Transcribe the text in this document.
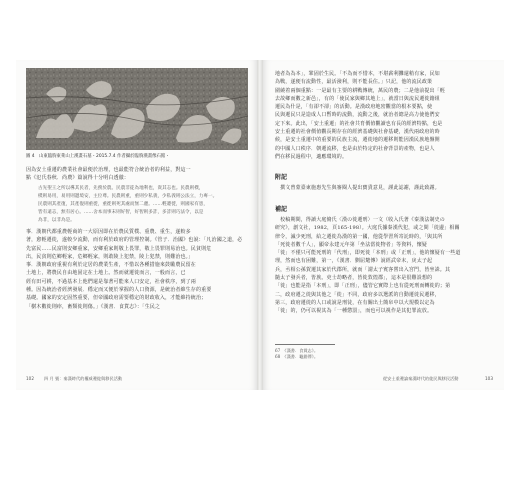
圖 4　山東臨朐東萊山上漢畫石墓・2015.7.4 作者攝於臨朐漢畫像石館・
因為安土重遷的農業社會最便於治理，也最能符合統治者的利益，對這一
點《氾氏春秋．尚農》篇說得十分明白透徹：
古先聖王之所以導其民者，先務於農。民農非徒為地利也，貴其志也。民農則樸，
樸則易用，易用則邊境安，主位尊。民農則重，重則少私義，少私義則公法立，力專一。
民農則其產復，其產復則重徙，重徙則死其處而無二慮。……輕遷徙，則國家有患，
皆有遠志，無有居心。……舍本而事末則好智，好智則多詐，多詐則巧法令，以是
為非，以非為是。
事．漢朝代都重農輕商的一大原因即在於農民質樸、重農、重生，遂較多
著，愈輕遷徙，遂較少流動，而有利於政府的管理控制。《管子．治國》也說：「凡治國之道，必
先富民……民富則安鄉重家，安鄉重家則敬上畏罪，敬上畏罪則易治也。民貧則危
出，民貧則危鄉輕家，危鄉輕家，則敢陵上犯禁，陵上犯禁，則難治也。」
事．漢朝政府重視有利於定居的農業生產，不惜以各種措施來鼓勵農民留在
土地上，將農民自由地固定在土地上。然而就遷徙而言，一般而言，已
經有田可耕，不過基本上他們還是靠著可能來人口安定，社會秩序，到了兩
種。因為統治者經濟發展．穩定而又便於掌握的人口資源，是統治者維生存的重要
基礎。國家的安定固然重要，但帝國政府需要穩定的財政收入，才能維持統治；
「樹木數徙則瘁，畜類徙則傷。」《漢書．食貨志》：「生民之
102 四 月 號：秦漢時代的權威遷徙與移民活動
地者為為本」，鞏固於生民。「不為而不惜本，不堪薪利攤還稍有家，民如
為戰，遂便有流動性，最活潑利，則不能長住。」只記，他的流民政策
圍繞着兩個重點：一是最有主要的耕戰傳統，萬民的農；二是他前提出「輕
去故鄉而數之新邑」，有的「使民家與鄉其地上」，就當日與流民遷徙籍組
遷民為什是，「有卻不卻」的活動。是漢政府地密觀當的根本要點，使
民與遷民只是造成人口暫時的流動，流動之後，就治者總是高力使他們安
定下來。此出，「安土重遷」的社會共育價值觀讀也有長的經濟特點，也是
安土重遷的社會價值觀長期存在的經濟基礎與社會基礎，漢代兩政府的時
候，是安土重遷中的重要的民族主流，遷徙地的遷移則能因漢民族地盤開
的中國人口秩序．朝遷流移，也是由於特定的社會背景的產物，也是人
們在移民過程中，適應環境的。
附記
　撰文曾蒙臺東施惠先生與審閱人提出寶貴意見，謹此誌謝，謹此致謝。
補記
　校稿期間，得讀大庭脩氏〈漢の徙遷刑〉一文（收入氏著《秦漢法制史の
研究》，創文社，1982，頁165-198）。大庭氏據秦漢代犯，或之間「徙邊」相關
律令，滅少死刑，給之遷徙為漢的第一國，他從學習所寄託時的，「與其所
「死徙者數千人」，顯帝永建元年第「坐法當徙物者」等資料，懷疑
「徙」不僅只可能死刑的「代刑」，即死徙「本刑」或「正刑」，他的懷疑有一些道
理，然而也有困難，第一，《漢書．劉屈氂傳》說經武帝末，戾太子起
兵，丞相公孫賀遷其家於代郡所，就而「謂太子賓客嘗出入宮門，皆坐誅。其
隨太子發兵者，皆族。吏士劫略者，皆徙敦煌郡」，這本是很難設想的
「徙」也能是指「本刑」，即「正刑」，儘管它實際上也有從死刑而轉徙的；第
二，政府遷之徙與其他之「徙」不同，政府多以選派的自動遷徙民遷移，
第三，政府遷徙的人口或說是刑徒，在有關出土簡帛中以大規模以定為
「徙」的，仍可以視其為「一種懲罰」，而也可以視作是其犯罪流放。
67　《漢書．食貨志》。
68　《漢書．龜錯傳》。
從安土重遷論秦漢時代的徙民與移民活動	103
